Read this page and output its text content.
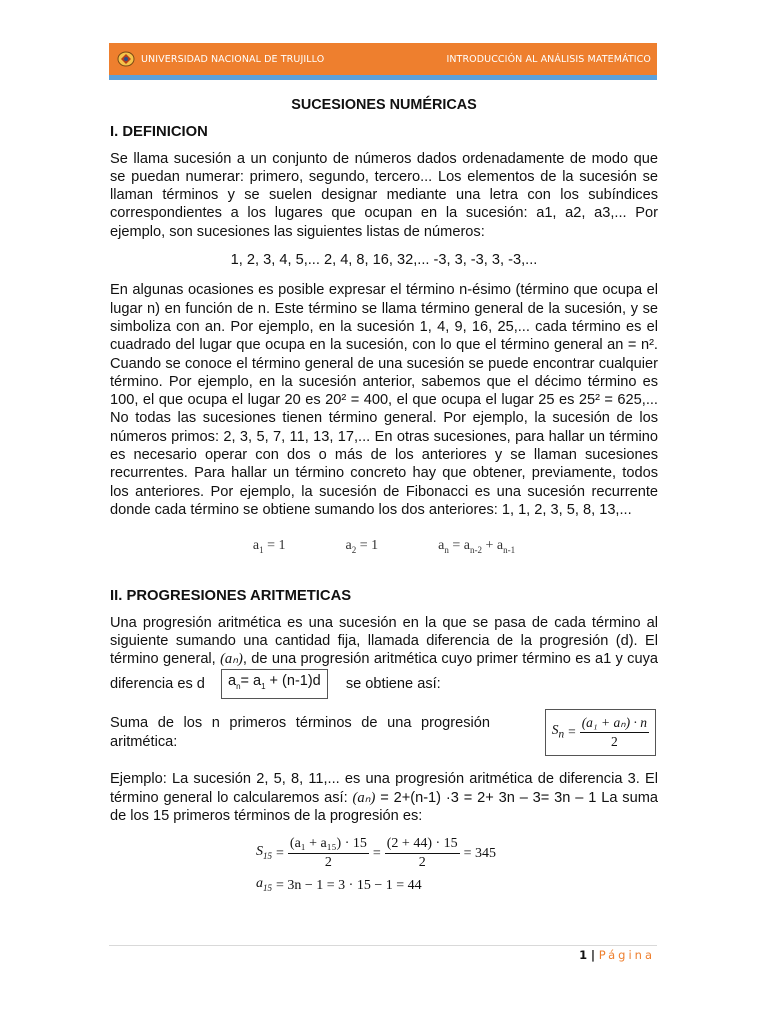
UNIVERSIDAD NACIONAL DE TRUJILLO	INTRODUCCIÓN AL ANÁLISIS MATEMÁTICO
SUCESIONES NUMÉRICAS
I. DEFINICION

Se llama sucesión a un conjunto de números dados ordenadamente de modo que se puedan numerar: primero, segundo, tercero... Los elementos de la sucesión se llaman términos y se suelen designar mediante una letra con los subíndices correspondientes a los lugares que ocupan en la sucesión: a1, a2, a3,... Por ejemplo, son sucesiones las siguientes listas de números:

1, 2, 3, 4, 5,... 2, 4, 8, 16, 32,... -3, 3, -3, 3, -3,...

En algunas ocasiones es posible expresar el término n-ésimo (término que ocupa el lugar n) en función de n. Este término se llama término general de la sucesión, y se simboliza con an. Por ejemplo, en la sucesión 1, 4, 9, 16, 25,... cada término es el cuadrado del lugar que ocupa en la sucesión, con lo que el término general an = n². Cuando se conoce el término general de una sucesión se puede encontrar cualquier término. Por ejemplo, en la sucesión anterior, sabemos que el décimo término es 100, el que ocupa el lugar 20 es 20² = 400, el que ocupa el lugar 25 es 25² = 625,... No todas las sucesiones tienen término general. Por ejemplo, la sucesión de los números primos: 2, 3, 5, 7, 11, 13, 17,... En otras sucesiones, para hallar un término es necesario operar con dos o más de los anteriores y se llaman sucesiones recurrentes. Para hallar un término concreto hay que obtener, previamente, todos los anteriores. Por ejemplo, la sucesión de Fibonacci es una sucesión recurrente donde cada término se obtiene sumando los dos anteriores: 1, 1, 2, 3, 5, 8, 13,...

$a_1 = 1$	$a_2 = 1$	$a_n = a_{n-2} + a_{n-1}$
II. PROGRESIONES ARITMETICAS

Una progresión aritmética es una sucesión en la que se pasa de cada término al siguiente sumando una cantidad fija, llamada diferencia de la progresión (d). El término general, (aₙ), de una progresión aritmética cuyo primer término es a1 y cuya diferencia es d $a_n= a_1 + (n-1)d$ se obtiene así:

Suma de los n primeros términos de una progresión aritmética:
$S_n = \frac{\text{(a₁ + aₙ) · n}}{2}$

Ejemplo: La sucesión 2, 5, 8, 11,... es una progresión aritmética de diferencia 3. El término general lo calcularemos así: (aₙ) = 2+(n-1) ·3 = 2+ 3n – 3= 3n – 1 La suma de los 15 primeros términos de la progresión es:

$S_{15} = \frac{\text{(a₁ + a₁₅) · 15}}{2} = \frac{(2 + 44) \cdot 15}{2} = 345$
$a_{15} = 3n - 1 = 3 \cdot 15 - 1 = 44$
1 | Página
